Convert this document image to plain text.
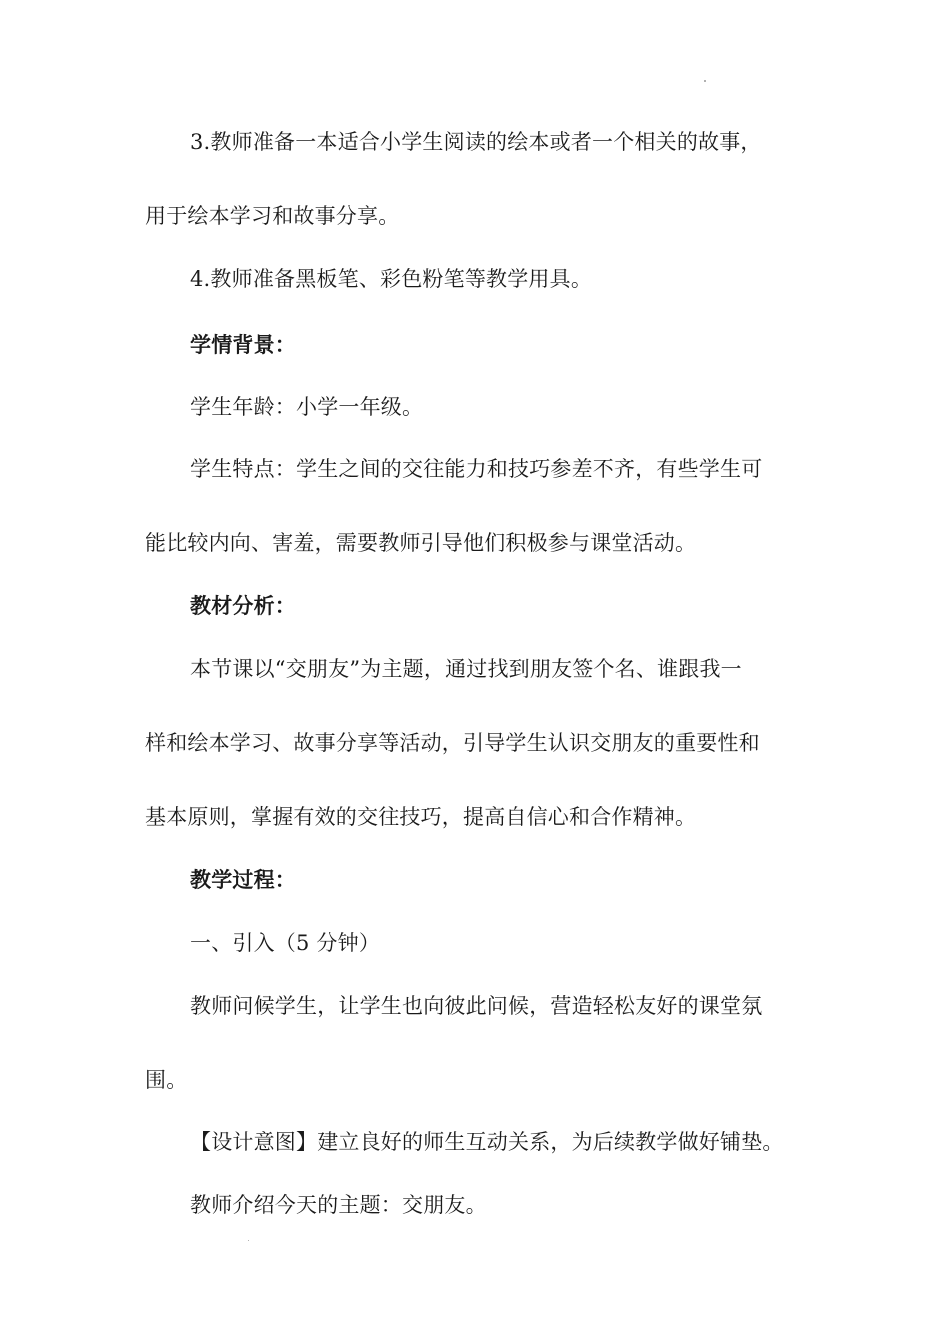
3.教师准备一本适合小学生阅读的绘本或者一个相关的故事，
用于绘本学习和故事分享。
4.教师准备黑板笔、彩色粉笔等教学用具。
学情背景：
学生年龄：小学一年级。
学生特点：学生之间的交往能力和技巧参差不齐，有些学生可
能比较内向、害羞，需要教师引导他们积极参与课堂活动。
教材分析：
本节课以“交朋友”为主题，通过找到朋友签个名、谁跟我一
样和绘本学习、故事分享等活动，引导学生认识交朋友的重要性和
基本原则，掌握有效的交往技巧，提高自信心和合作精神。
教学过程：
一、引入（5 分钟）
教师问候学生，让学生也向彼此问候，营造轻松友好的课堂氛
围。
【设计意图】建立良好的师生互动关系，为后续教学做好铺垫。
教师介绍今天的主题：交朋友。
